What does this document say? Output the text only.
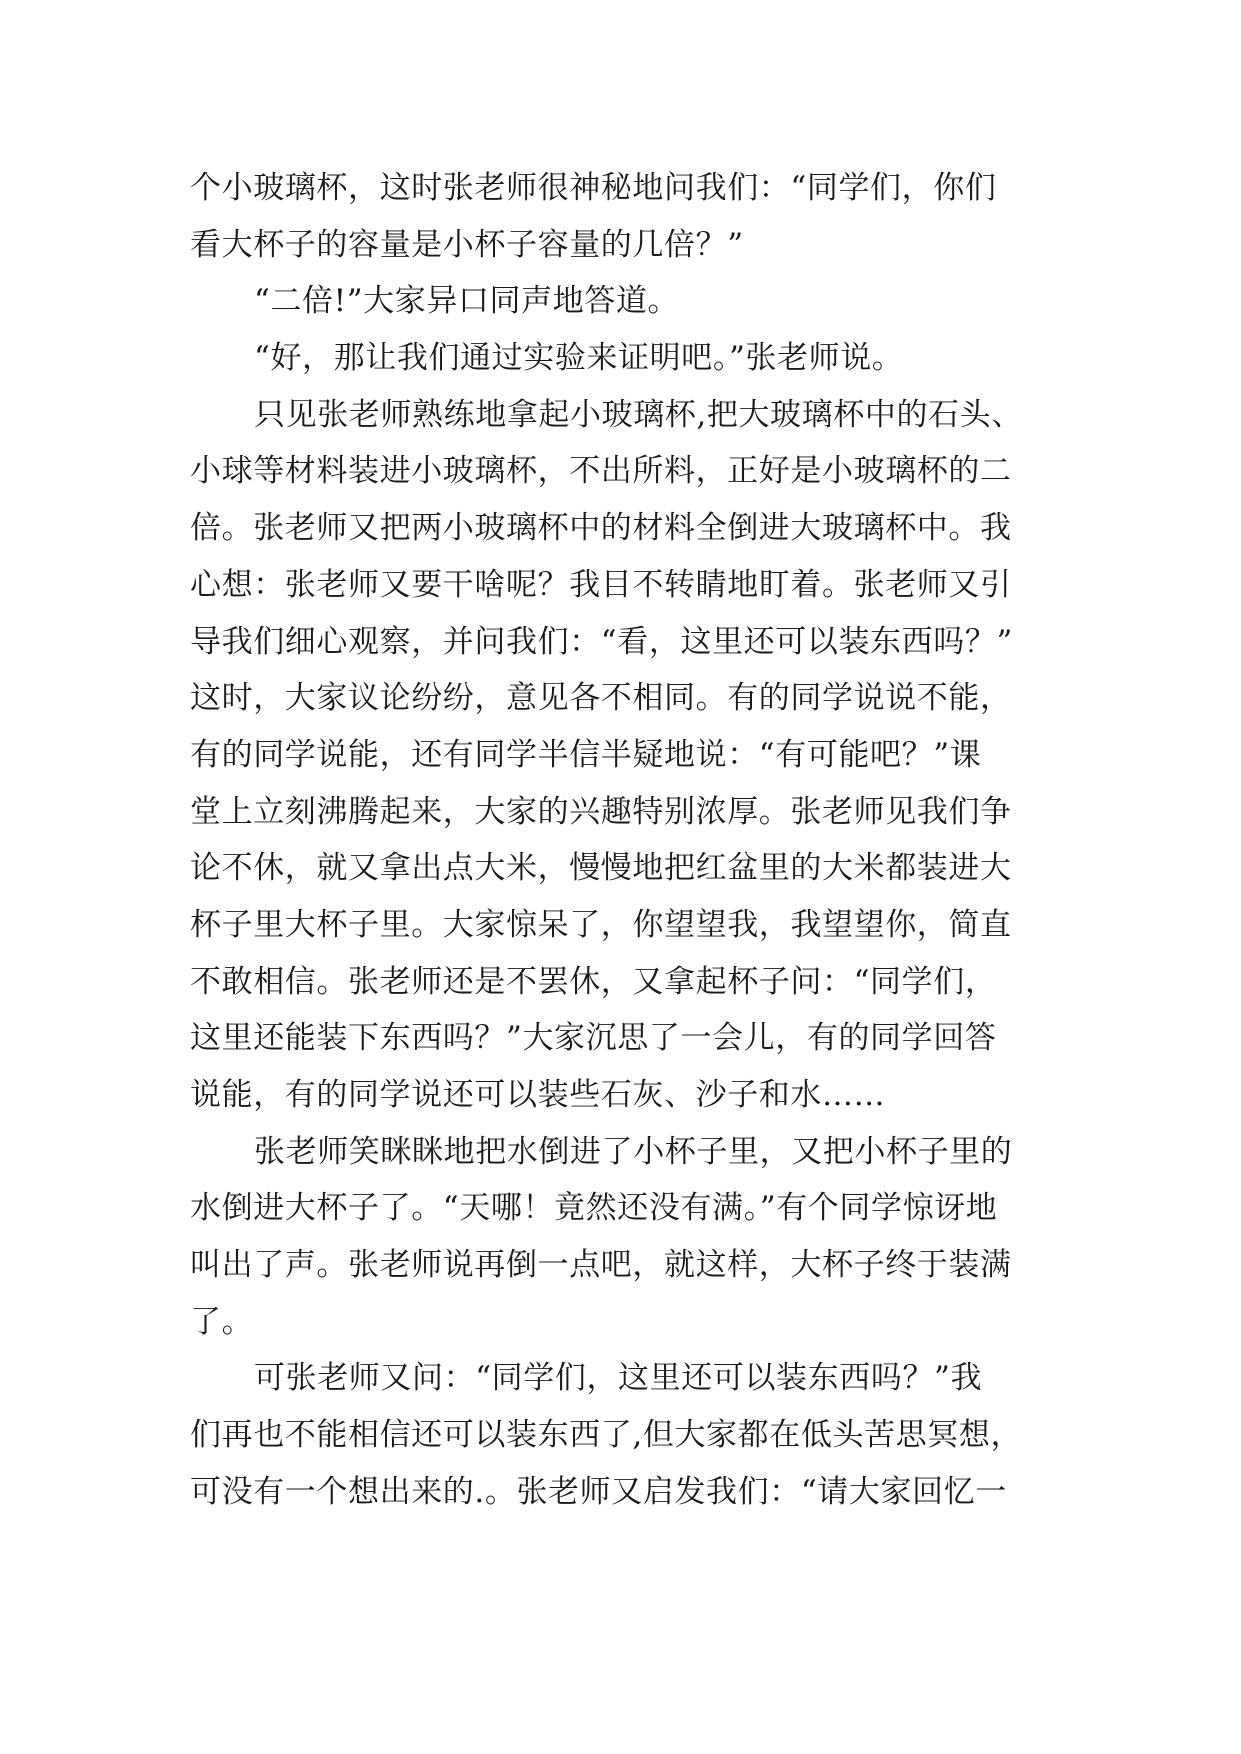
个小玻璃杯，这时张老师很神秘地问我们：“同学们，你们
看大杯子的容量是小杯子容量的几倍？”
“二倍!”大家异口同声地答道。
“好，那让我们通过实验来证明吧。”张老师说。
只见张老师熟练地拿起小玻璃杯,把大玻璃杯中的石头、
小球等材料装进小玻璃杯，不出所料，正好是小玻璃杯的二
倍。张老师又把两小玻璃杯中的材料全倒进大玻璃杯中。我
心想：张老师又要干啥呢？我目不转睛地盯着。张老师又引
导我们细心观察，并问我们：“看，这里还可以装东西吗？”
这时，大家议论纷纷，意见各不相同。有的同学说说不能，
有的同学说能，还有同学半信半疑地说：“有可能吧？”课
堂上立刻沸腾起来，大家的兴趣特别浓厚。张老师见我们争
论不休，就又拿出点大米，慢慢地把红盆里的大米都装进大
杯子里大杯子里。大家惊呆了，你望望我，我望望你，简直
不敢相信。张老师还是不罢休，又拿起杯子问：“同学们，
这里还能装下东西吗？”大家沉思了一会儿，有的同学回答
说能，有的同学说还可以装些石灰、沙子和水……
张老师笑眯眯地把水倒进了小杯子里，又把小杯子里的
水倒进大杯子了。“天哪！竟然还没有满。”有个同学惊讶地
叫出了声。张老师说再倒一点吧，就这样，大杯子终于装满
了。
可张老师又问：“同学们，这里还可以装东西吗？”我
们再也不能相信还可以装东西了,但大家都在低头苦思冥想，
可没有一个想出来的.。张老师又启发我们：“请大家回忆一
